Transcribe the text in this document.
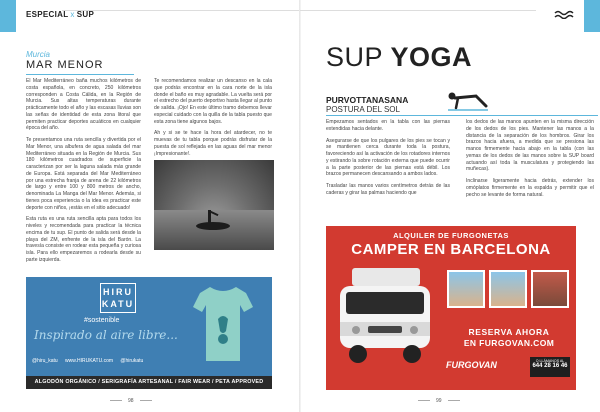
ESPECIAL x SUP
Murcia
MAR MENOR

El Mar Mediterráneo baña muchos kilómetros de costa española, en concreto, 250 kilómetros corresponden a Costa Cálida, en la Región de Murcia. Sus altas temperaturas durante prácticamente todo el año y las escasas lluvias son las señas de identidad de esta zona litoral que permiten practicar deportes acuáticos en cualquier época del año.

Te presentamos una ruta sencilla y divertida por el Mar Menor, una albufera de agua salada del mar Mediterráneo situada en la Región de Murcia. Sus 180 kilómetros cuadrados de superficie la caracterizan por ser la laguna salada más grande de Europa. Está separada del Mar Mediterráneo por una estrecha franja de arena de 22 kilómetros de largo y entre 100 y 800 metros de ancho, denominada La Manga del Mar Menor. Además, si tienes poca experiencia o la idea es practicar este deporte con niños, ¡estás en el sitio adecuado!

Esta ruta es una ruta sencilla apta para todos los niveles y recomendada para practicar la técnica encima de tu sup. El punto de salida será desde la playa del ZM, enfrente de la isla del Barón. La travesía consiste en rodear esta pequeña y curiosa isla. Para ello empezaremos a rodearla desde su parte izquierda.

Te recomendamos realizar un descanso en la cala que podrás encontrar en la cara norte de la isla donde el baño es muy agradable. La vuelta será por el estrecho del puerto deportivo hasta llegar al punto de salida. ¡Ojo! En este último tramo debemos llevar especial cuidado con la quilla de la tabla puesto que esta zona tiene algunos bajos.

Ah y si se te hace la hora del atardecer, no te muevas de tu tabla porque podrás disfrutar de la puesta de sol reflejada en las aguas del mar menor ¡Impresionante!.

HIRU
KATU
#sostenible
Inspirado al aire libre...
@hiru_katu www.HIRUKATU.com @hirukatu
ALGODÓN ORGÁNICO / SERIGRAFÍA ARTESANAL / FAIR WEAR / PETA APPROVED
98
SUP YOGA
PURVOTTANASANA
POSTURA DEL SOL

Empezamos sentados en la tabla con las piernas extendidas hacia delante.

Asegurarse de que los pulgares de los pies se tocan y se mantienen cerca durante toda la postura, favoreciendo así la activación de los rotadores internos y estirando la sobre rotación externa que puede ocurrir a la parte posterior de las piernas está débil. Los brazos permanecen descansando a ambos lados.

Trasladar las manos varios centímetros detrás de las caderas y girar las palmas haciendo que

los dedos de las manos apunten en la misma dirección de los dedos de los pies. Mantener las manos a la distancia de la separación de los hombros. Girar los brazos hacia afuera, a medida que se presiona las manos firmemente hacia abajo en la tabla (con las yemas de los dedos de las manos sobre la SUP board actuando así toda la musculatura y protegiendo las muñecas).

Inclinarse ligeramente hacia detrás, extender los omóplatos firmemente en la espalda y permitir que el pecho se levante de forma natural.

ALQUILER DE FURGONETAS
CAMPER EN BARCELONA
RESERVA AHORA
EN FURGOVAN.COM
FURGOVAN	O LLÁMANOS AL
644 28 16 46
99
